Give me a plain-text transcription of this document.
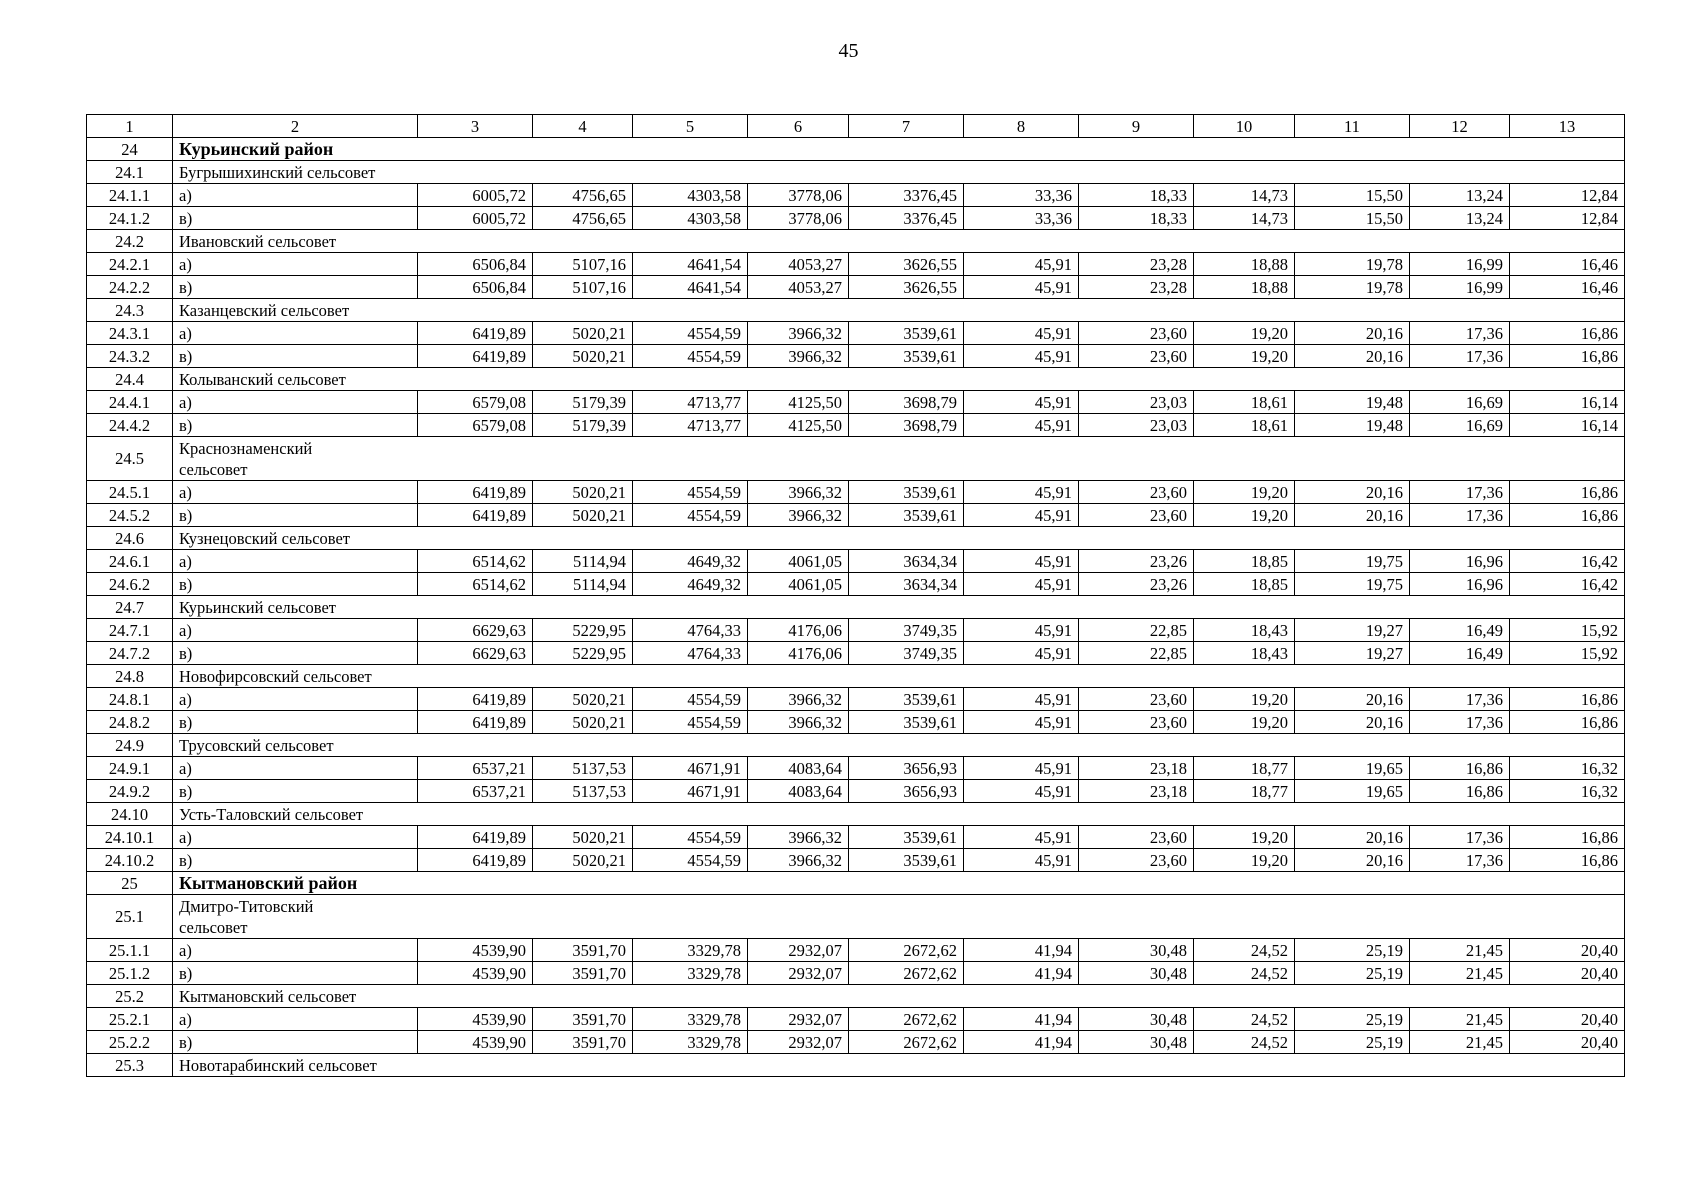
45
1	2	3	4	5	6	7	8	9	10	11	12	13
24	Курьинский район											
24.1	Бугрышихинский сельсовет											
24.1.1	а)	6005,72	4756,65	4303,58	3778,06	3376,45	33,36	18,33	14,73	15,50	13,24	12,84
24.1.2	в)	6005,72	4756,65	4303,58	3778,06	3376,45	33,36	18,33	14,73	15,50	13,24	12,84
24.2	Ивановский сельсовет											
24.2.1	а)	6506,84	5107,16	4641,54	4053,27	3626,55	45,91	23,28	18,88	19,78	16,99	16,46
24.2.2	в)	6506,84	5107,16	4641,54	4053,27	3626,55	45,91	23,28	18,88	19,78	16,99	16,46
24.3	Казанцевский сельсовет											
24.3.1	а)	6419,89	5020,21	4554,59	3966,32	3539,61	45,91	23,60	19,20	20,16	17,36	16,86
24.3.2	в)	6419,89	5020,21	4554,59	3966,32	3539,61	45,91	23,60	19,20	20,16	17,36	16,86
24.4	Колыванский сельсовет											
24.4.1	а)	6579,08	5179,39	4713,77	4125,50	3698,79	45,91	23,03	18,61	19,48	16,69	16,14
24.4.2	в)	6579,08	5179,39	4713,77	4125,50	3698,79	45,91	23,03	18,61	19,48	16,69	16,14
24.5	Краснознаменский сельсовет											
24.5.1	а)	6419,89	5020,21	4554,59	3966,32	3539,61	45,91	23,60	19,20	20,16	17,36	16,86
24.5.2	в)	6419,89	5020,21	4554,59	3966,32	3539,61	45,91	23,60	19,20	20,16	17,36	16,86
24.6	Кузнецовский сельсовет											
24.6.1	а)	6514,62	5114,94	4649,32	4061,05	3634,34	45,91	23,26	18,85	19,75	16,96	16,42
24.6.2	в)	6514,62	5114,94	4649,32	4061,05	3634,34	45,91	23,26	18,85	19,75	16,96	16,42
24.7	Курьинский сельсовет											
24.7.1	а)	6629,63	5229,95	4764,33	4176,06	3749,35	45,91	22,85	18,43	19,27	16,49	15,92
24.7.2	в)	6629,63	5229,95	4764,33	4176,06	3749,35	45,91	22,85	18,43	19,27	16,49	15,92
24.8	Новофирсовский сельсовет											
24.8.1	а)	6419,89	5020,21	4554,59	3966,32	3539,61	45,91	23,60	19,20	20,16	17,36	16,86
24.8.2	в)	6419,89	5020,21	4554,59	3966,32	3539,61	45,91	23,60	19,20	20,16	17,36	16,86
24.9	Трусовский сельсовет											
24.9.1	а)	6537,21	5137,53	4671,91	4083,64	3656,93	45,91	23,18	18,77	19,65	16,86	16,32
24.9.2	в)	6537,21	5137,53	4671,91	4083,64	3656,93	45,91	23,18	18,77	19,65	16,86	16,32
24.10	Усть-Таловский сельсовет											
24.10.1	а)	6419,89	5020,21	4554,59	3966,32	3539,61	45,91	23,60	19,20	20,16	17,36	16,86
24.10.2	в)	6419,89	5020,21	4554,59	3966,32	3539,61	45,91	23,60	19,20	20,16	17,36	16,86
25	Кытмановский район											
25.1	Дмитро-Титовский сельсовет											
25.1.1	а)	4539,90	3591,70	3329,78	2932,07	2672,62	41,94	30,48	24,52	25,19	21,45	20,40
25.1.2	в)	4539,90	3591,70	3329,78	2932,07	2672,62	41,94	30,48	24,52	25,19	21,45	20,40
25.2	Кытмановский сельсовет											
25.2.1	а)	4539,90	3591,70	3329,78	2932,07	2672,62	41,94	30,48	24,52	25,19	21,45	20,40
25.2.2	в)	4539,90	3591,70	3329,78	2932,07	2672,62	41,94	30,48	24,52	25,19	21,45	20,40
25.3	Новотарабинский сельсовет											
